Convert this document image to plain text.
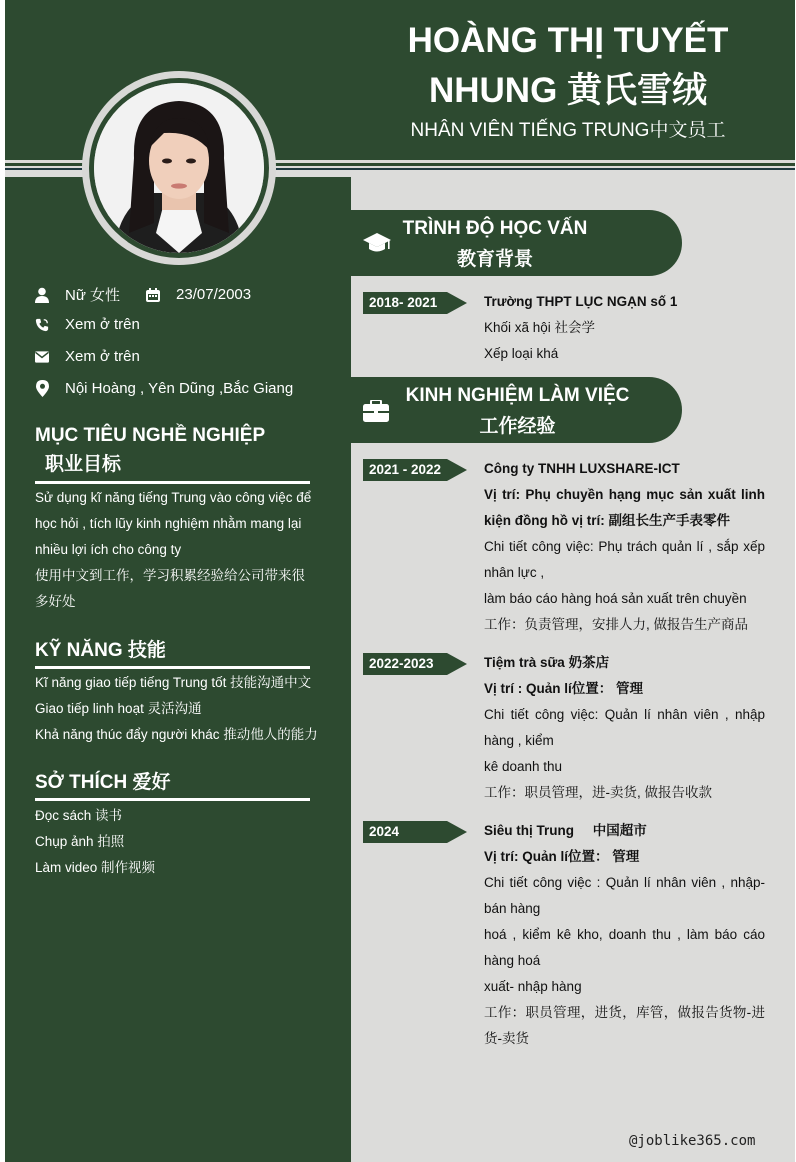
HOÀNG THỊ TUYẾT
NHUNG 黄氏雪绒
NHÂN VIÊN TIẾNG TRUNG中文员工
Nữ 女性	23/07/2003
Xem ở trên
Xem ở trên
Nội Hoàng , Yên Dũng ,Bắc Giang
MỤC TIÊU NGHỀ NGHIỆP
职业目标
Sử dụng kĩ năng tiếng Trung vào công việc để
học hỏi , tích lũy kinh nghiệm nhằm mang lại
nhiều lợi ích cho công ty
使用中文到工作，学习积累经验给公司带来很
多好处
KỸ NĂNG 技能
Kĩ năng giao tiếp tiếng Trung tốt 技能沟通中文
Giao tiếp linh hoạt 灵活沟通
Khả năng thúc đẩy người khác 推动他人的能力
SỞ THÍCH 爱好
Đọc sách 读书
Chụp ảnh 拍照
Làm video 制作视频
TRÌNH ĐỘ HỌC VẤN
教育背景
2018- 2021	Trường THPT LỤC NGẠN số 1
Khối xã hội 社会学
Xếp loại khá
KINH NGHIỆM LÀM VIỆC
工作经验
2021 - 2022	Công ty TNHH LUXSHARE-ICT
Vị trí: Phụ chuyền hạng mục sản xuất linh kiện đồng hồ vị trí: 副组长生产手表零件
Chi tiết công việc: Phụ trách quản lí , sắp xếp nhân lực ,
làm báo cáo hàng hoá sản xuất trên chuyền
工作：负责管理，安排人力, 做报告生产商品
2022-2023	Tiệm trà sữa 奶茶店
Vị trí : Quản lí位置： 管理
Chi tiết công việc: Quản lí nhân viên , nhập hàng , kiểm
kê doanh thu
工作：职员管理，进-卖货, 做报告收款
2024	Siêu thị Trung     中国超市
Vị trí: Quản lí位置： 管理
Chi tiết công việc : Quản lí nhân viên , nhập-bán hàng
hoá , kiểm kê kho, doanh thu , làm báo cáo hàng hoá
xuất- nhập hàng
工作：职员管理，进货，库管，做报告货物-进货-卖货
@joblike365.com
